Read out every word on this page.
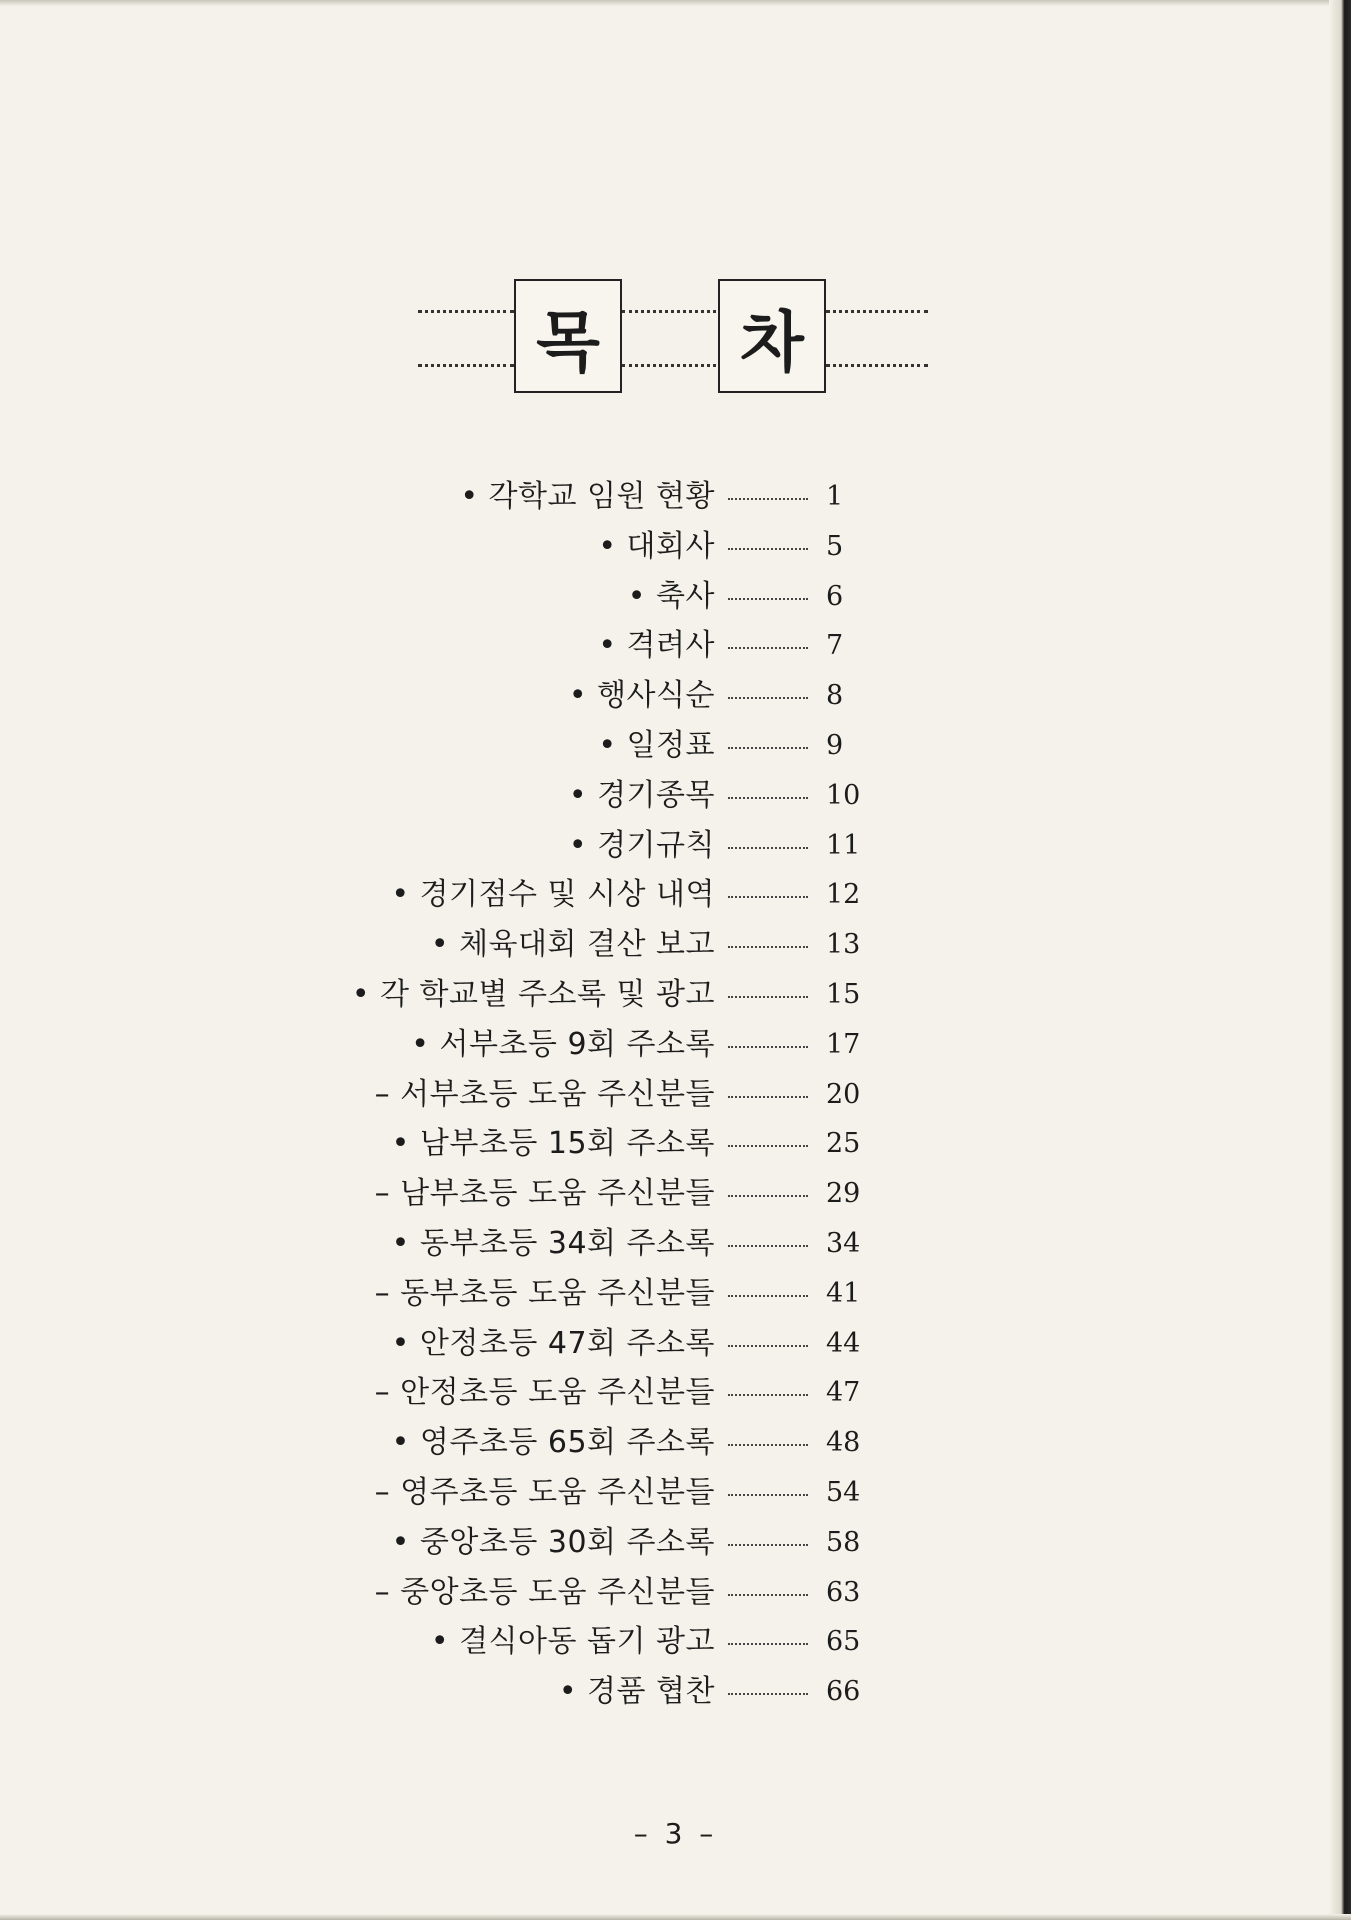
목 차
• 각학교 임원 현황	1
• 대회사	5
• 축사	6
• 격려사	7
• 행사식순	8
• 일정표	9
• 경기종목	10
• 경기규칙	11
• 경기점수 및 시상 내역	12
• 체육대회 결산 보고	13
• 각 학교별 주소록 및 광고	15
• 서부초등 9회 주소록	17
– 서부초등 도움 주신분들	20
• 남부초등 15회 주소록	25
– 남부초등 도움 주신분들	29
• 동부초등 34회 주소록	34
– 동부초등 도움 주신분들	41
• 안정초등 47회 주소록	44
– 안정초등 도움 주신분들	47
• 영주초등 65회 주소록	48
– 영주초등 도움 주신분들	54
• 중앙초등 30회 주소록	58
– 중앙초등 도움 주신분들	63
• 결식아동 돕기 광고	65
• 경품 협찬	66
– 3 –
